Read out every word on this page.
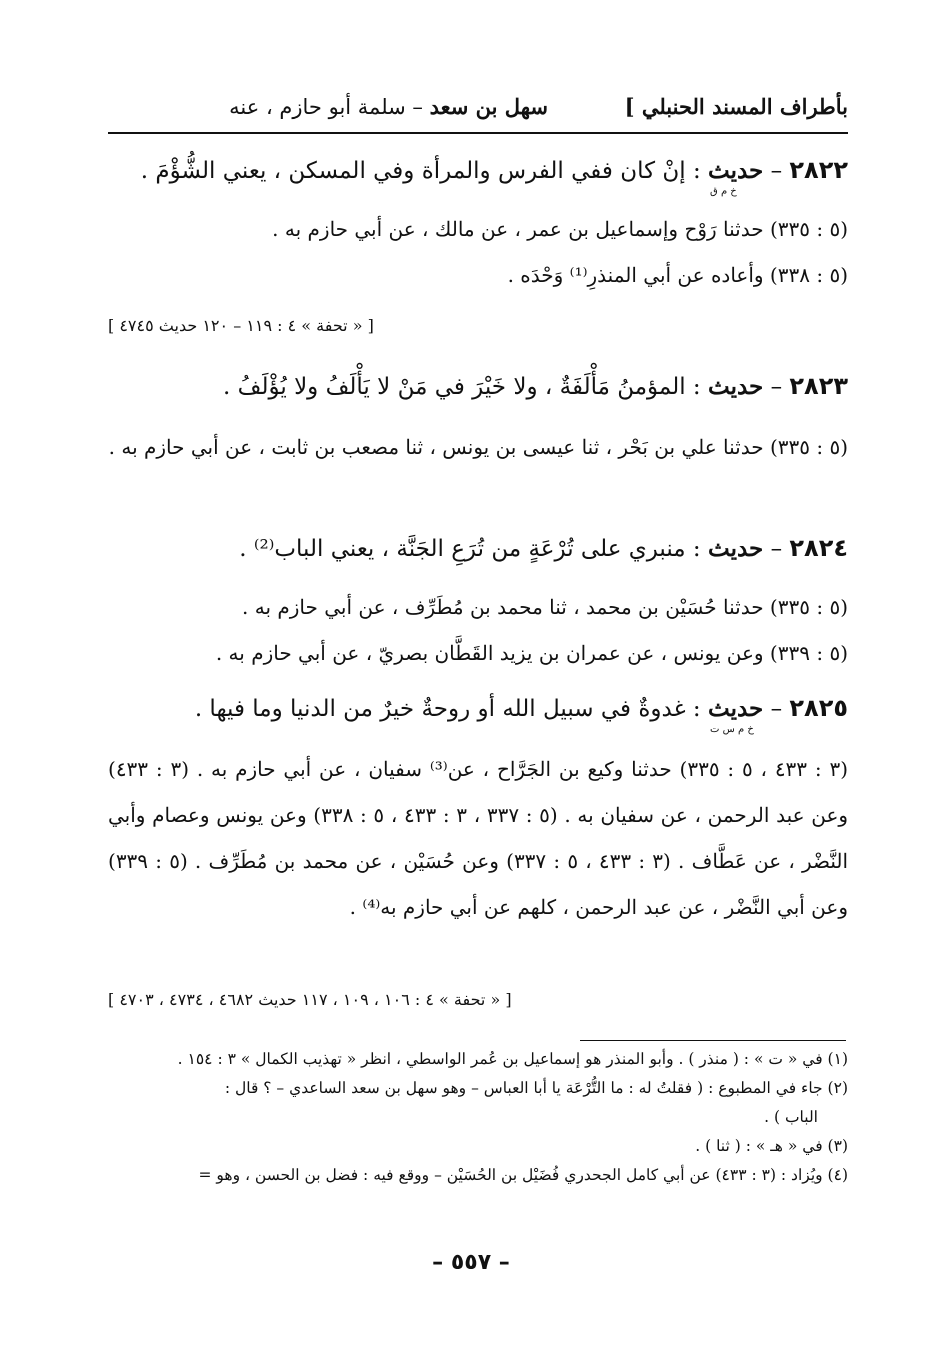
بأطراف المسند الحنبلي ]
سهل بن سعد – سلمة أبو حازم ، عنه
٢٨٢٢ – حديث
خ م ق
: إنْ كان ففي الفرس والمرأة وفي المسكن ، يعني الشُّؤْمَ .

(٥ : ٣٣٥) حدثنا رَوْح وإسماعيل بن عمر ، عن مالك ، عن أبي حازم به .

(٥ : ٣٣٨) وأعاده عن أبي المنذرِ⁽¹⁾ وَحْدَه .

[ « تحفة » ٤ : ١١٩ – ١٢٠ حديث ٤٧٤٥ ]
٢٨٢٣ – حديث : المؤمنُ مَأْلَفَةٌ ، ولا خَيْرَ في مَنْ لا يَأْلَفُ ولا يُؤْلَفُ .

(٥ : ٣٣٥) حدثنا علي بن بَحْر ، ثنا عيسى بن يونس ، ثنا مصعب بن ثابت ، عن أبي حازم به .

٢٨٢٤ – حديث : منبري على تُرْعَةٍ من تُرَعِ الجَنَّة ، يعني الباب⁽²⁾ .

(٥ : ٣٣٥) حدثنا حُسَيْن بن محمد ، ثنا محمد بن مُطَرِّف ، عن أبي حازم به .

(٥ : ٣٣٩) وعن يونس ، عن عمران بن يزيد القَطَّان بصريّ ، عن أبي حازم به .

٢٨٢٥ – حديث
خ م س ت
: غدوةٌ في سبيل الله أو روحةٌ خيرٌ من الدنيا وما فيها .

(٣ : ٤٣٣ ، ٥ : ٣٣٥) حدثنا وكيع بن الجَرَّاح ، عن⁽³⁾ سفيان ، عن أبي حازم به . (٣ : ٤٣٣) وعن عبد الرحمن ، عن سفيان به . (٥ : ٣٣٧ ، ٣ : ٤٣٣ ، ٥ : ٣٣٨) وعن يونس وعصام وأبي النَّضْر ، عن عَطَّاف . (٣ : ٤٣٣ ، ٥ : ٣٣٧) وعن حُسَيْن ، عن محمد بن مُطَرِّف . (٥ : ٣٣٩) وعن أبي النَّضْر ، عن عبد الرحمن ، كلهم عن أبي حازم به⁽⁴⁾ .

[ « تحفة » ٤ : ١٠٦ ، ١٠٩ ، ١١٧ حديث ٤٦٨٢ ، ٤٧٣٤ ، ٤٧٠٣ ]

(١) في « ت » : ( منذر ) . وأبو المنذر هو إسماعيل بن عُمر الواسطي ، انظر « تهذيب الكمال » ٣ : ١٥٤ .

(٢) جاء في المطبوع : ( فقلتُ له : ما التُّرْعَة يا أبا العباس – وهو سهل بن سعد الساعدي – ؟ قال :

الباب ) .

(٣) في « هـ » : ( ثنا ) .

(٤) ويُزاد : (٣ : ٤٣٣) عن أبي كامل الجحدري فُضَيْل بن الحُسَيْن – ووقع فيه : فضل بن الحسن ، وهو =

– ٥٥٧ –
